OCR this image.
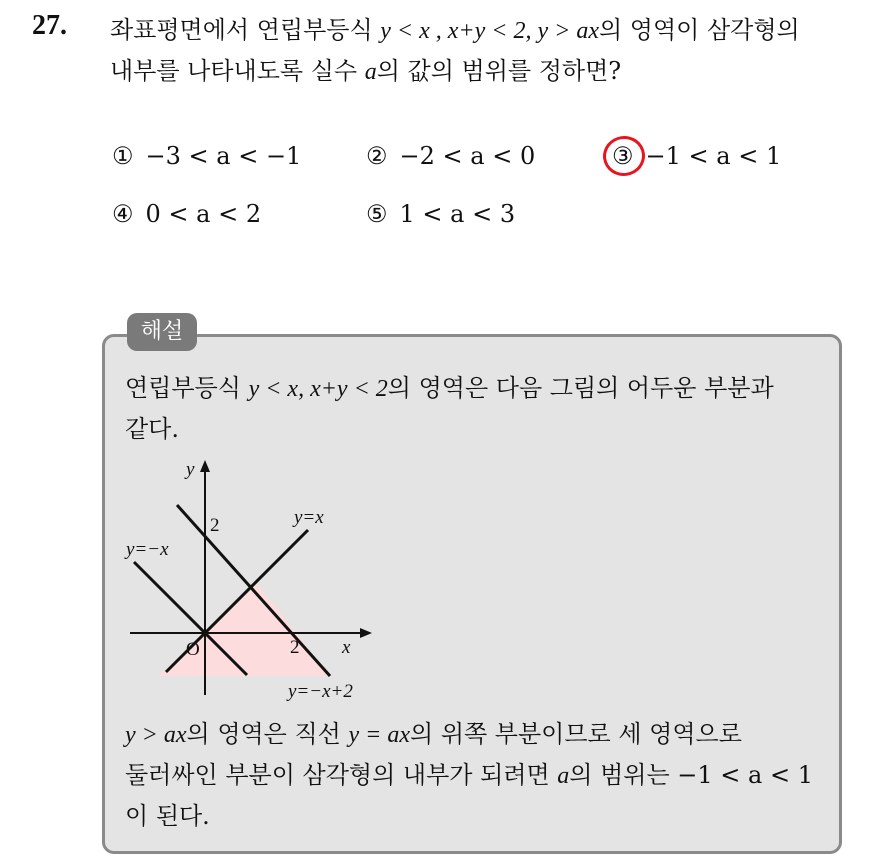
27. 좌표평면에서 연립부등식 y < x , x+y < 2, y > ax의 영역이 삼각형의
내부를 나타내도록 실수 a의 값의 범위를 정하면?
① −3 < a < −1	② −2 < a < 0	③ −1 < a < 1
④ 0 < a < 2	⑤ 1 < a < 3
해설
연립부등식 y < x, x+y < 2의 영역은 다음 그림의 어두운 부분과
같다.
y
x
O
2
2
y=x
y=−x
y=−x+2
y > ax의 영역은 직선 y = ax의 위쪽 부분이므로 세 영역으로
둘러싸인 부분이 삼각형의 내부가 되려면 a의 범위는 −1 < a < 1
이 된다.
